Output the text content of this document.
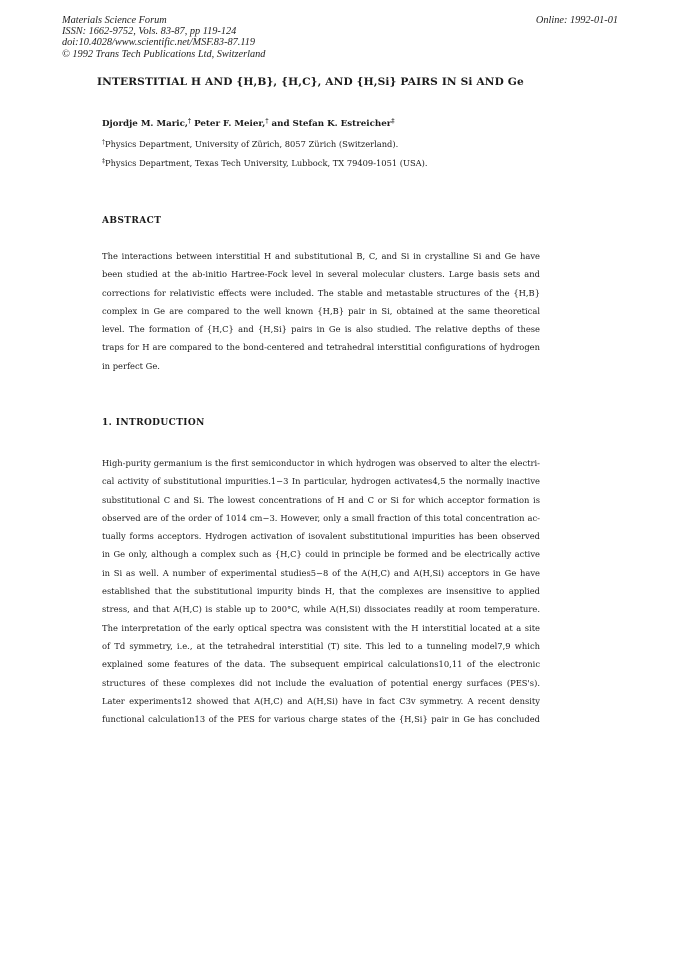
Materials Science Forum
ISSN: 1662-9752, Vols. 83-87, pp 119-124
doi:10.4028/www.scientific.net/MSF.83-87.119
© 1992 Trans Tech Publications Ltd, Switzerland
Online: 1992-01-01
INTERSTITIAL H AND {H,B}, {H,C}, AND {H,Si} PAIRS IN Si AND Ge
Djordje M. Maric,† Peter F. Meier,† and Stefan K. Estreicher‡
†Physics Department, University of Zürich, 8057 Zürich (Switzerland).
‡Physics Department, Texas Tech University, Lubbock, TX 79409-1051 (USA).
ABSTRACT
The interactions between interstitial H and substitutional B, C, and Si in crystalline Si and Ge have
been studied at the ab-initio Hartree-Fock level in several molecular clusters. Large basis sets and
corrections for relativistic effects were included. The stable and metastable structures of the {H,B}
complex in Ge are compared to the well known {H,B} pair in Si, obtained at the same theoretical
level. The formation of {H,C} and {H,Si} pairs in Ge is also studied. The relative depths of these
traps for H are compared to the bond-centered and tetrahedral interstitial configurations of hydrogen
in perfect Ge.
1. INTRODUCTION
High-purity germanium is the first semiconductor in which hydrogen was observed to alter the electri-
cal activity of substitutional impurities.1−3 In particular, hydrogen activates4,5 the normally inactive
substitutional C and Si. The lowest concentrations of H and C or Si for which acceptor formation is
observed are of the order of 1014 cm−3. However, only a small fraction of this total concentration ac-
tually forms acceptors. Hydrogen activation of isovalent substitutional impurities has been observed
in Ge only, although a complex such as {H,C} could in principle be formed and be electrically active
in Si as well. A number of experimental studies5−8 of the A(H,C) and A(H,Si) acceptors in Ge have
established that the substitutional impurity binds H, that the complexes are insensitive to applied
stress, and that A(H,C) is stable up to 200°C, while A(H,Si) dissociates readily at room temperature.
The interpretation of the early optical spectra was consistent with the H interstitial located at a site
of Td symmetry, i.e., at the tetrahedral interstitial (T) site. This led to a tunneling model7,9 which
explained some features of the data. The subsequent empirical calculations10,11 of the electronic
structures of these complexes did not include the evaluation of potential energy surfaces (PES's).
Later experiments12 showed that A(H,C) and A(H,Si) have in fact C3v symmetry. A recent density
functional calculation13 of the PES for various charge states of the {H,Si} pair in Ge has concluded
